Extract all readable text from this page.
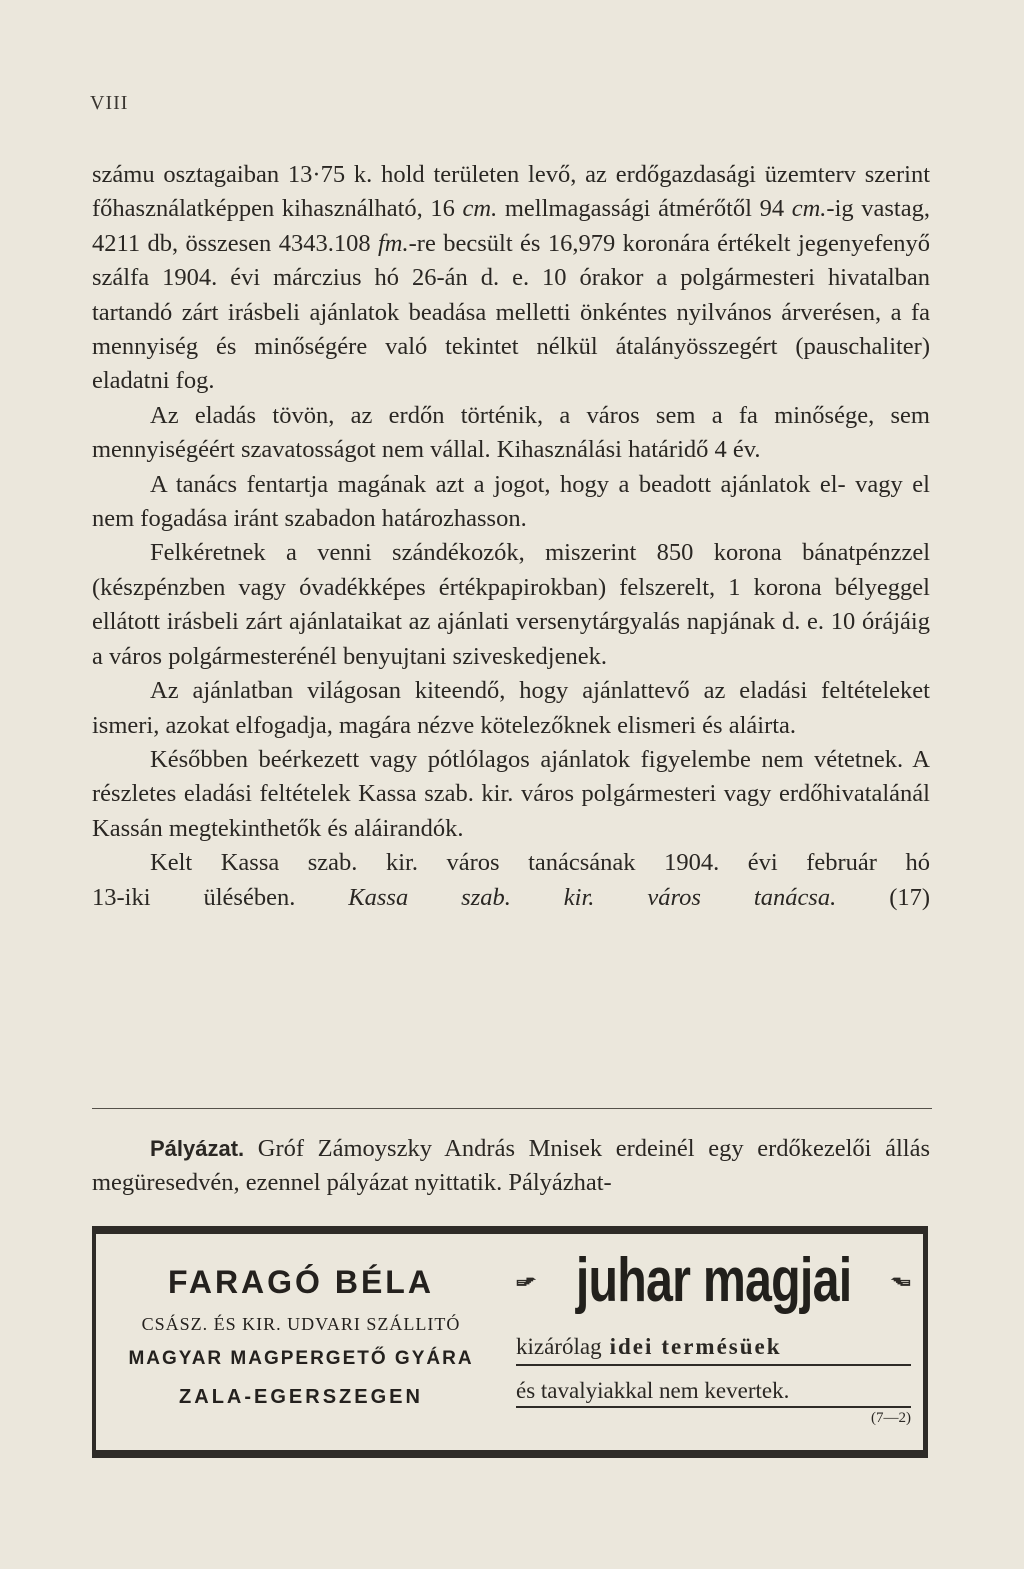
VIII

számu osztagaiban 13·75 k. hold területen levő, az erdőgazdasági üzemterv szerint főhasználatképpen kihasználható, 16 cm. mellmagassági átmérőtől 94 cm.-ig vastag, 4211 db, összesen 4343.108 fm.-re becsült és 16,979 koronára értékelt jegenyefenyő szálfa 1904. évi márczius hó 26-án d. e. 10 órakor a polgármesteri hivatalban tartandó zárt irásbeli ajánlatok beadása melletti önkéntes nyilvános árverésen, a fa mennyiség és minőségére való tekintet nélkül átalányösszegért (pauschaliter) eladatni fog.

Az eladás tövön, az erdőn történik, a város sem a fa minősége, sem mennyiségéért szavatosságot nem vállal. Kihasználási határidő 4 év.

A tanács fentartja magának azt a jogot, hogy a beadott ajánlatok el- vagy el nem fogadása iránt szabadon határozhasson.

Felkéretnek a venni szándékozók, miszerint 850 korona bánatpénzzel (készpénzben vagy óvadékképes értékpapirokban) felszerelt, 1 korona bélyeggel ellátott irásbeli zárt ajánlataikat az ajánlati versenytárgyalás napjának d. e. 10 órájáig a város polgármesterénél benyujtani sziveskedjenek.

Az ajánlatban világosan kiteendő, hogy ajánlattevő az eladási feltételeket ismeri, azokat elfogadja, magára nézve kötelezőknek elismeri és aláirta.

Későbben beérkezett vagy pótlólagos ajánlatok figyelembe nem vétetnek. A részletes eladási feltételek Kassa szab. kir. város polgármesteri vagy erdőhivatalánál Kassán megtekinthetők és aláirandók.

Kelt Kassa szab. kir. város tanácsának 1904. évi február hó

13-iki ülésében. Kassa szab. kir. város tanácsa. (17)

Pályázat. Gróf Zámoyszky András Mnisek erdeinél egy erdőkezelői állás megüresedvén, ezennel pályázat nyittatik. Pályázhat-

FARAGÓ BÉLA
CSÁSZ. ÉS KIR. UDVARI SZÁLLITÓ
MAGYAR MAGPERGETŐ GYÁRA
ZALA-EGERSZEGEN
juhar magjai
kizárólag idei termésüek
és tavalyiakkal nem kevertek.
(7—2)
